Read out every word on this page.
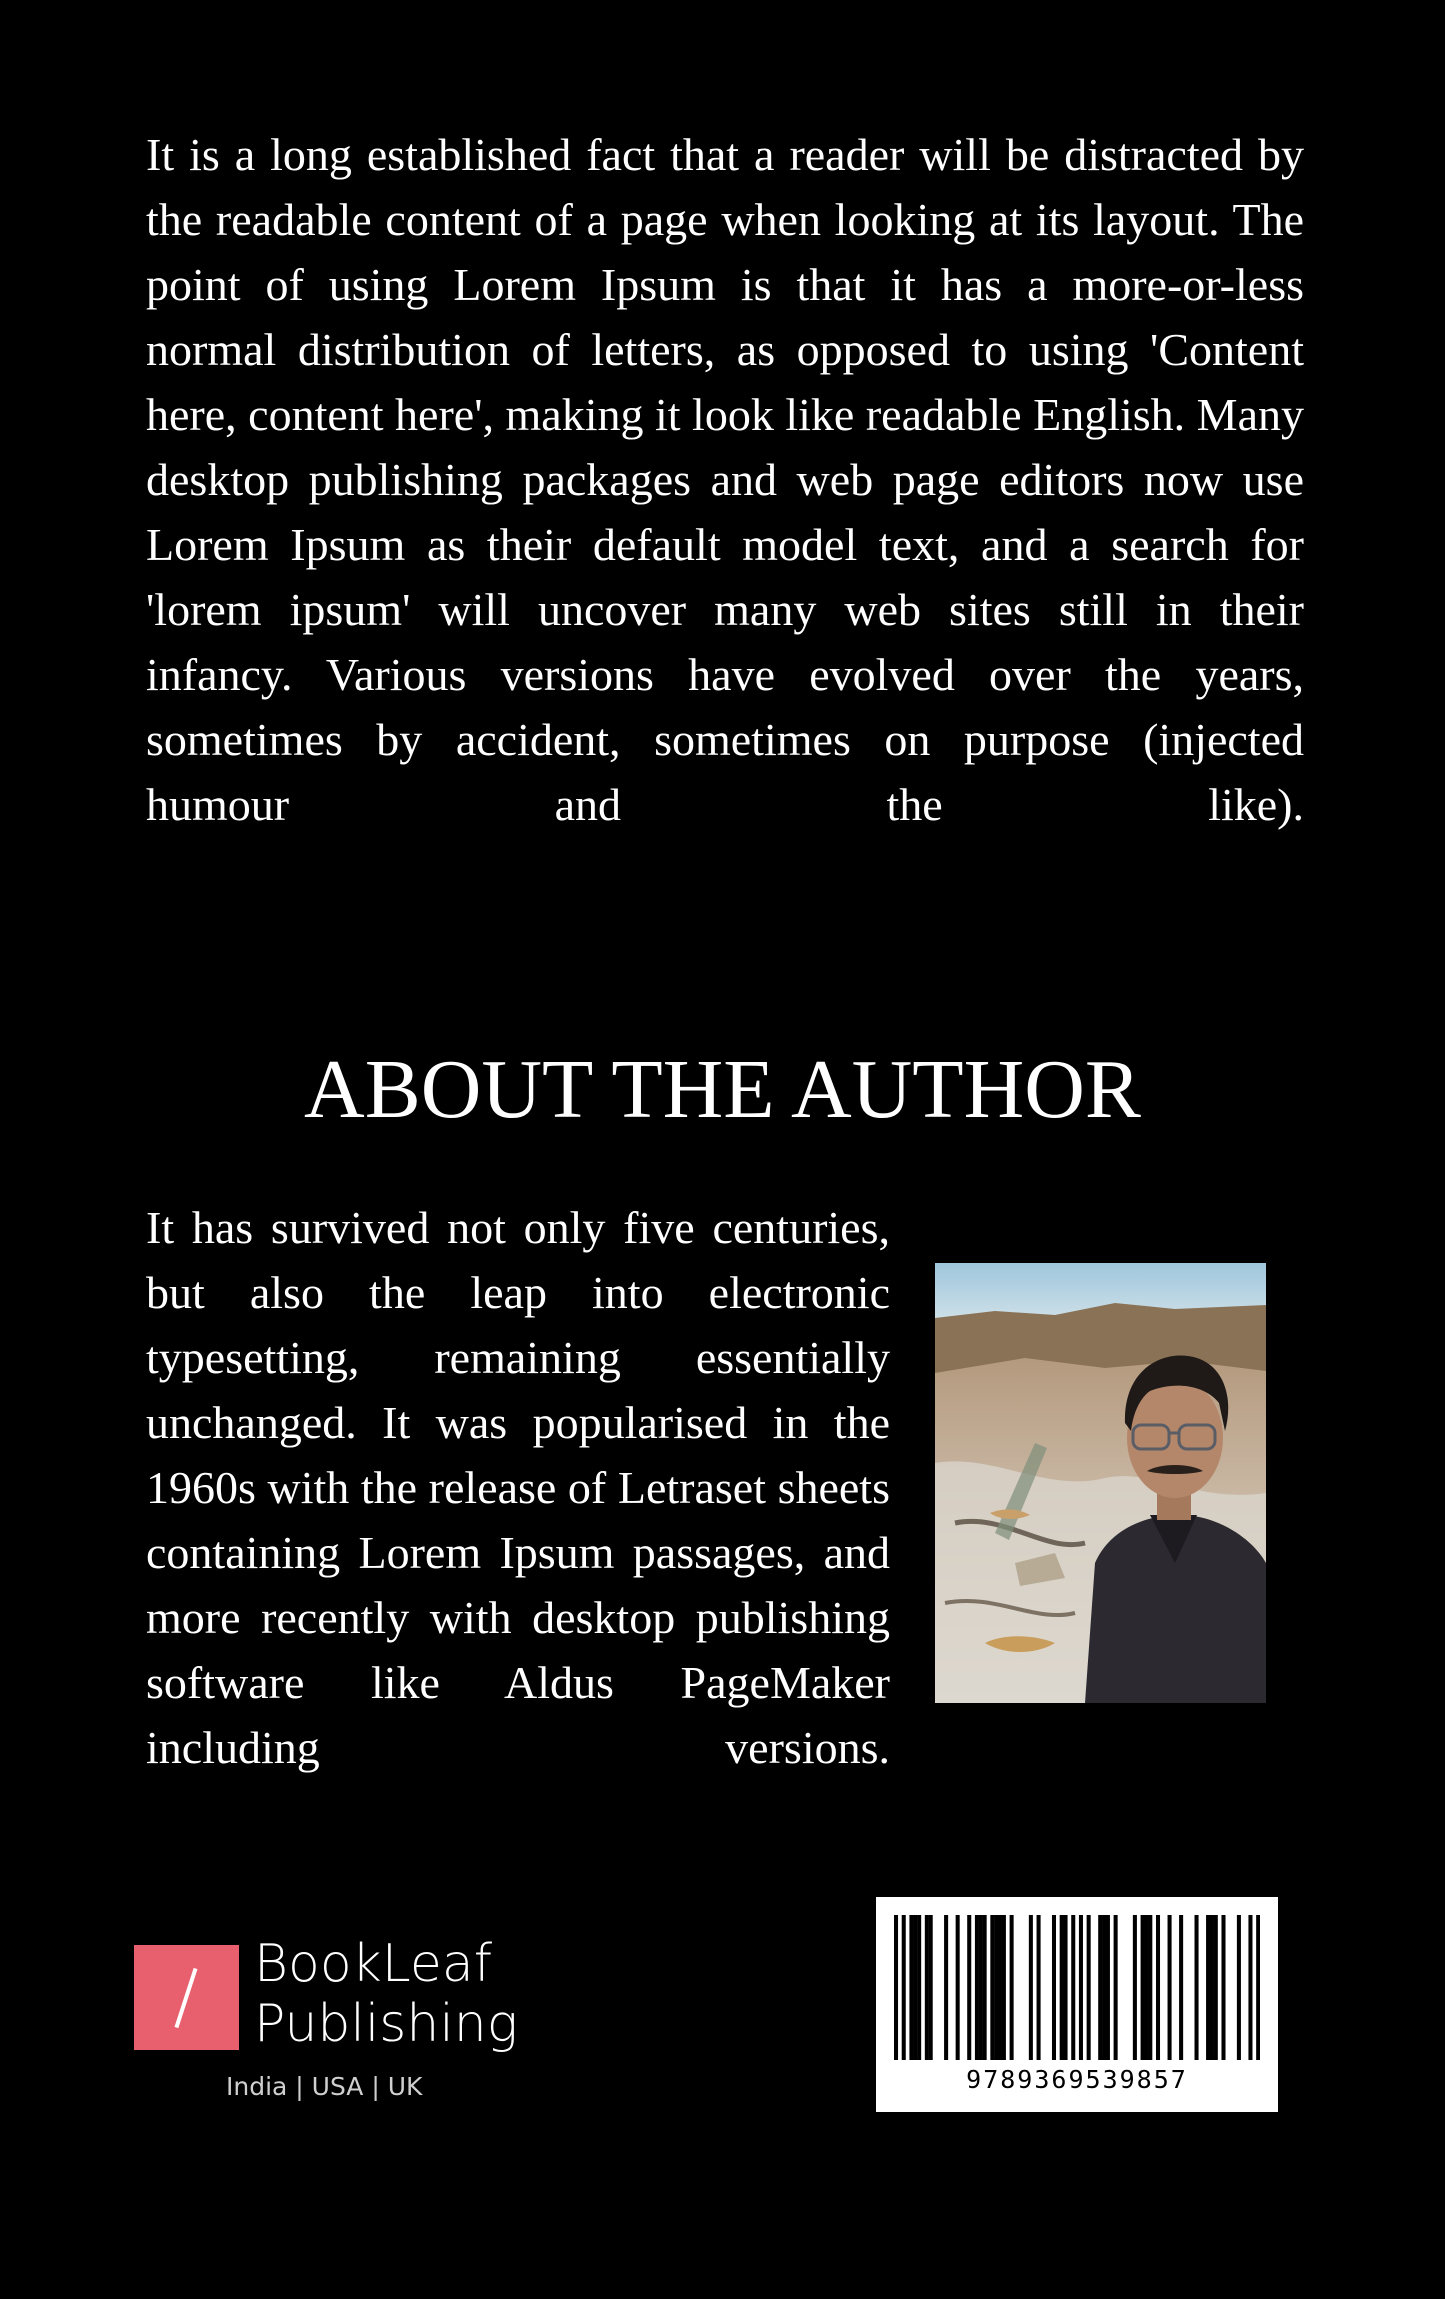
It is a long established fact that a reader will be distracted by the readable content of a page when looking at its layout. The point of using Lorem Ipsum is that it has a more-or-less normal distribution of letters, as opposed to using 'Content here, content here', making it look like readable English. Many desktop publishing packages and web page editors now use Lorem Ipsum as their default model text, and a search for 'lorem ipsum' will uncover many web sites still in their infancy. Various versions have evolved over the years, sometimes by accident, sometimes on purpose (injected humour and the like).

ABOUT THE AUTHOR

It has survived not only five centuries, but also the leap into electronic typesetting, remaining essentially unchanged. It was popularised in the 1960s with the release of Letraset sheets containing Lorem Ipsum passages, and more recently with desktop publishing software like Aldus PageMaker including versions.

BookLeaf
Publishing
India | USA | UK	9789369539857
